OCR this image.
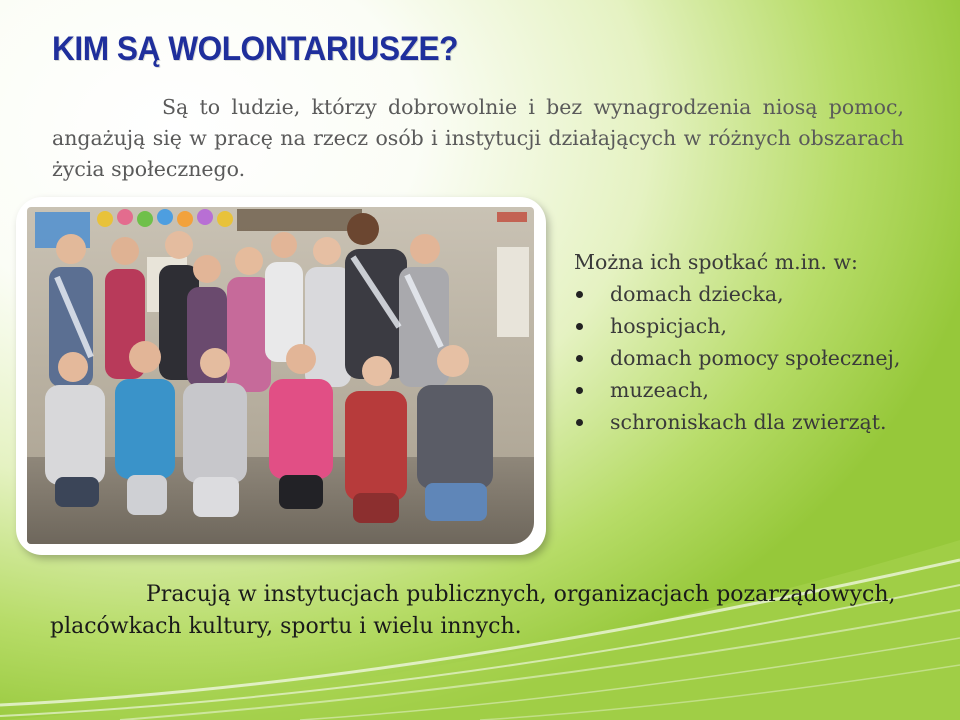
KIM SĄ WOLONTARIUSZE?

Są to ludzie, którzy dobrowolnie i bez wynagrodzenia niosą pomoc, angażują się w pracę na rzecz osób i instytucji działających w różnych obszarach życia społecznego.

Można ich spotkać m.in. w:
domach dziecka,
hospicjach,
domach pomocy społecznej,
muzeach,
schroniskach dla zwierząt.

Pracują w instytucjach publicznych, organizacjach pozarządowych, placówkach kultury, sportu i wielu innych.
